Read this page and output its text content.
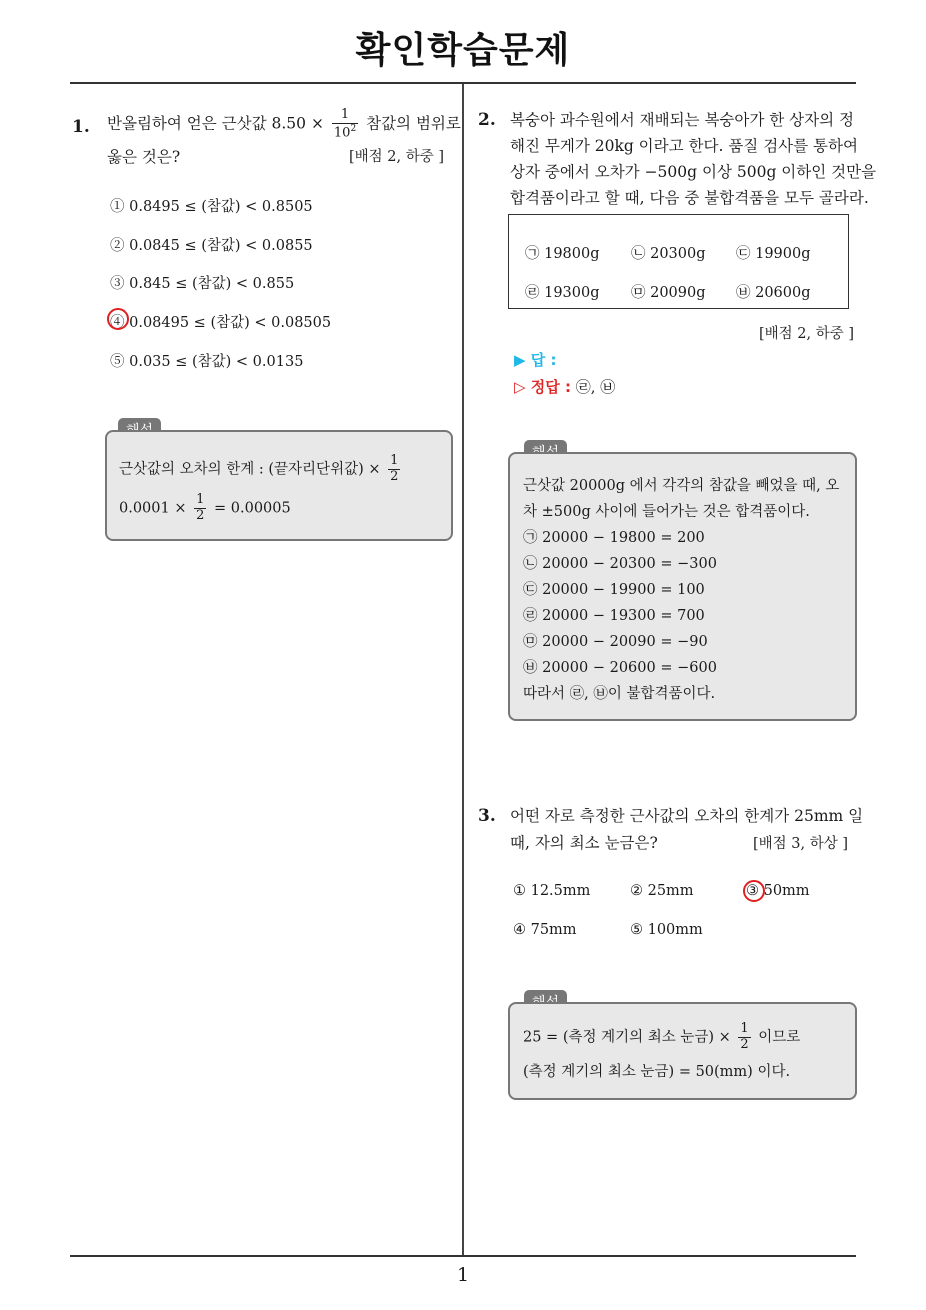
확인학습문제
1. 반올림하여 얻은 근삿값 $8.50 \times \frac{1}{10^2}$ 참값의 범위로
옳은 것은?	[배점 2, 하중 ]
① 0.8495 ≤ (참값) < 0.8505
② 0.0845 ≤ (참값) < 0.0855
③ 0.845 ≤ (참값) < 0.855
④ 0.08495 ≤ (참값) < 0.08505
⑤ 0.035 ≤ (참값) < 0.0135
근삿값의 오차의 한계 : (끝자리단위값) × $\frac{1}{2}$
$0.0001 \times \frac{1}{2} = 0.00005$
2. 복숭아 과수원에서 재배되는 복숭아가 한 상자의 정
해진 무게가 20kg 이라고 한다. 품질 검사를 통하여
상자 중에서 오차가 −500g 이상 500g 이하인 것만을
합격품이라고 할 때, 다음 중 불합격품을 모두 골라라.
㉠ 19800g ㉡ 20300g ㉢ 19900g
㉣ 19300g ㉤ 20090g ㉥ 20600g
[배점 2, 하중 ]
▶ 답 :
▷ 정답 : ㉣, ㉥
근삿값 20000g 에서 각각의 참값을 빼었을 때, 오
차 ±500g 사이에 들어가는 것은 합격품이다.
㉠ 20000 − 19800 = 200
㉡ 20000 − 20300 = −300
㉢ 20000 − 19900 = 100
㉣ 20000 − 19300 = 700
㉤ 20000 − 20090 = −90
㉥ 20000 − 20600 = −600
따라서 ㉣, ㉥이 불합격품이다.
3. 어떤 자로 측정한 근사값의 오차의 한계가 25mm 일
때, 자의 최소 눈금은?	[배점 3, 하상 ]
① 12.5mm	② 25mm	③ 50mm
④ 75mm	⑤ 100mm
25 = (측정 계기의 최소 눈금) × $\frac{1}{2}$ 이므로
(측정 계기의 최소 눈금) = 50(mm) 이다.
1
